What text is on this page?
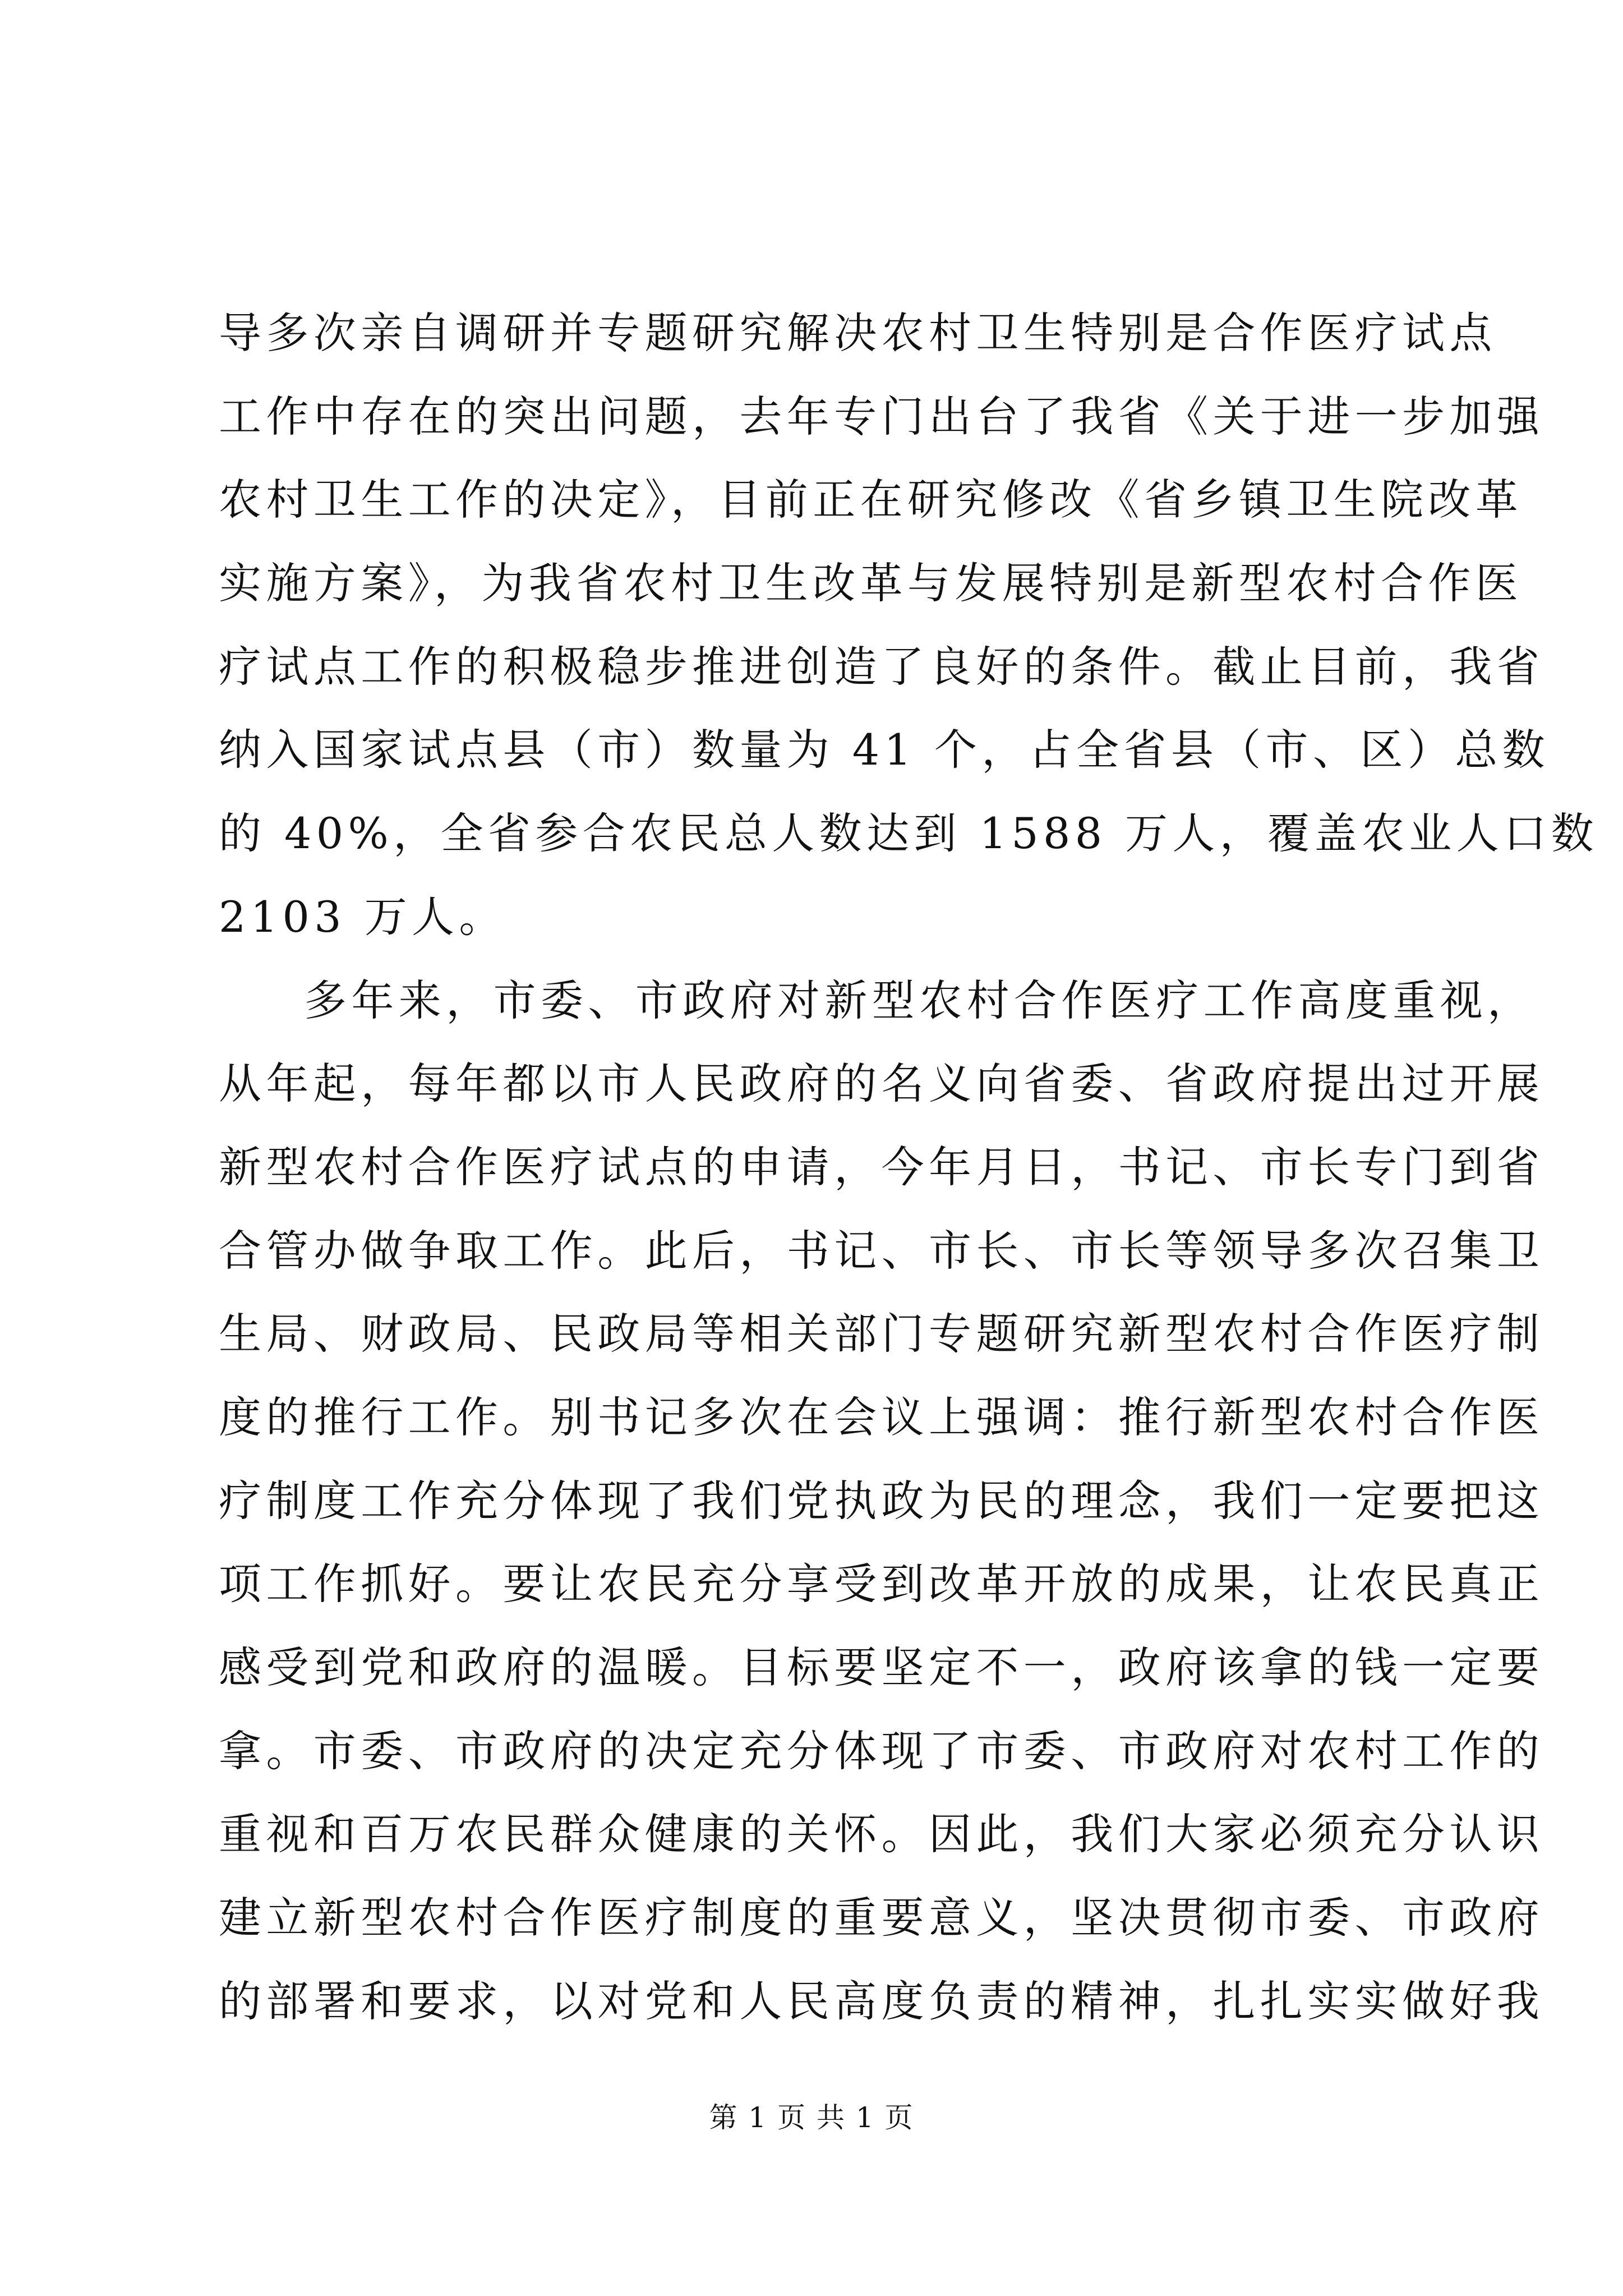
导多次亲自调研并专题研究解决农村卫生特别是合作医疗试点
工作中存在的突出问题，去年专门出台了我省《关于进一步加强
农村卫生工作的决定》，目前正在研究修改《省乡镇卫生院改革
实施方案》，为我省农村卫生改革与发展特别是新型农村合作医
疗试点工作的积极稳步推进创造了良好的条件。截止目前，我省
纳入国家试点县（市）数量为 41 个，占全省县（市、区）总数
的 40%，全省参合农民总人数达到 1588 万人，覆盖农业人口数
2103 万人。
多年来，市委、市政府对新型农村合作医疗工作高度重视，
从年起，每年都以市人民政府的名义向省委、省政府提出过开展
新型农村合作医疗试点的申请，今年月日，书记、市长专门到省
合管办做争取工作。此后，书记、市长、市长等领导多次召集卫
生局、财政局、民政局等相关部门专题研究新型农村合作医疗制
度的推行工作。别书记多次在会议上强调：推行新型农村合作医
疗制度工作充分体现了我们党执政为民的理念，我们一定要把这
项工作抓好。要让农民充分享受到改革开放的成果，让农民真正
感受到党和政府的温暖。目标要坚定不一，政府该拿的钱一定要
拿。市委、市政府的决定充分体现了市委、市政府对农村工作的
重视和百万农民群众健康的关怀。因此，我们大家必须充分认识
建立新型农村合作医疗制度的重要意义，坚决贯彻市委、市政府
的部署和要求，以对党和人民高度负责的精神，扎扎实实做好我
第 1 页 共 1 页
